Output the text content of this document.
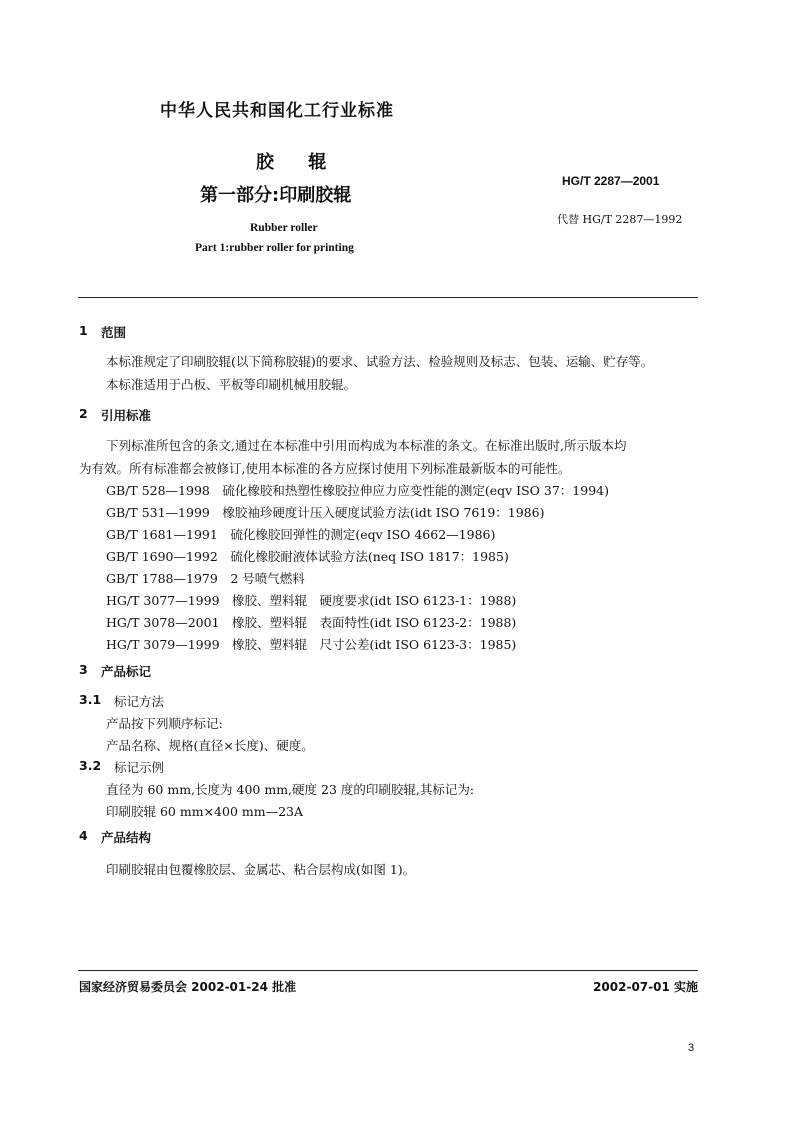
中华人民共和国化工行业标准
胶 辊
第一部分:印刷胶辊
HG/T 2287—2001
代替 HG/T 2287—1992
Rubber roller
Part 1:rubber roller for printing
1 范围
本标准规定了印刷胶辊(以下简称胶辊)的要求、试验方法、检验规则及标志、包装、运输、贮存等。
本标准适用于凸板、平板等印刷机械用胶辊。
2 引用标准
下列标准所包含的条文,通过在本标准中引用而构成为本标准的条文。在标准出版时,所示版本均
为有效。所有标准都会被修订,使用本标准的各方应探讨使用下列标准最新版本的可能性。
GB/T 528—1998　硫化橡胶和热塑性橡胶拉伸应力应变性能的测定(eqv ISO 37：1994)
GB/T 531—1999　橡胶袖珍硬度计压入硬度试验方法(idt ISO 7619：1986)
GB/T 1681—1991　硫化橡胶回弹性的测定(eqv ISO 4662—1986)
GB/T 1690—1992　硫化橡胶耐液体试验方法(neq ISO 1817：1985)
GB/T 1788—1979　2 号喷气燃料
HG/T 3077—1999　橡胶、塑料辊　硬度要求(idt ISO 6123-1：1988)
HG/T 3078—2001　橡胶、塑料辊　表面特性(idt ISO 6123-2：1988)
HG/T 3079—1999　橡胶、塑料辊　尺寸公差(idt ISO 6123-3：1985)
3 产品标记
3.1 标记方法
产品按下列顺序标记:
产品名称、规格(直径×长度)、硬度。
3.2 标记示例
直径为 60 mm,长度为 400 mm,硬度 23 度的印刷胶辊,其标记为:
印刷胶辊 60 mm×400 mm—23A
4 产品结构
印刷胶辊由包覆橡胶层、金属芯、粘合层构成(如图 1)。
国家经济贸易委员会 2002-01-24 批准	2002-07-01 实施
3
